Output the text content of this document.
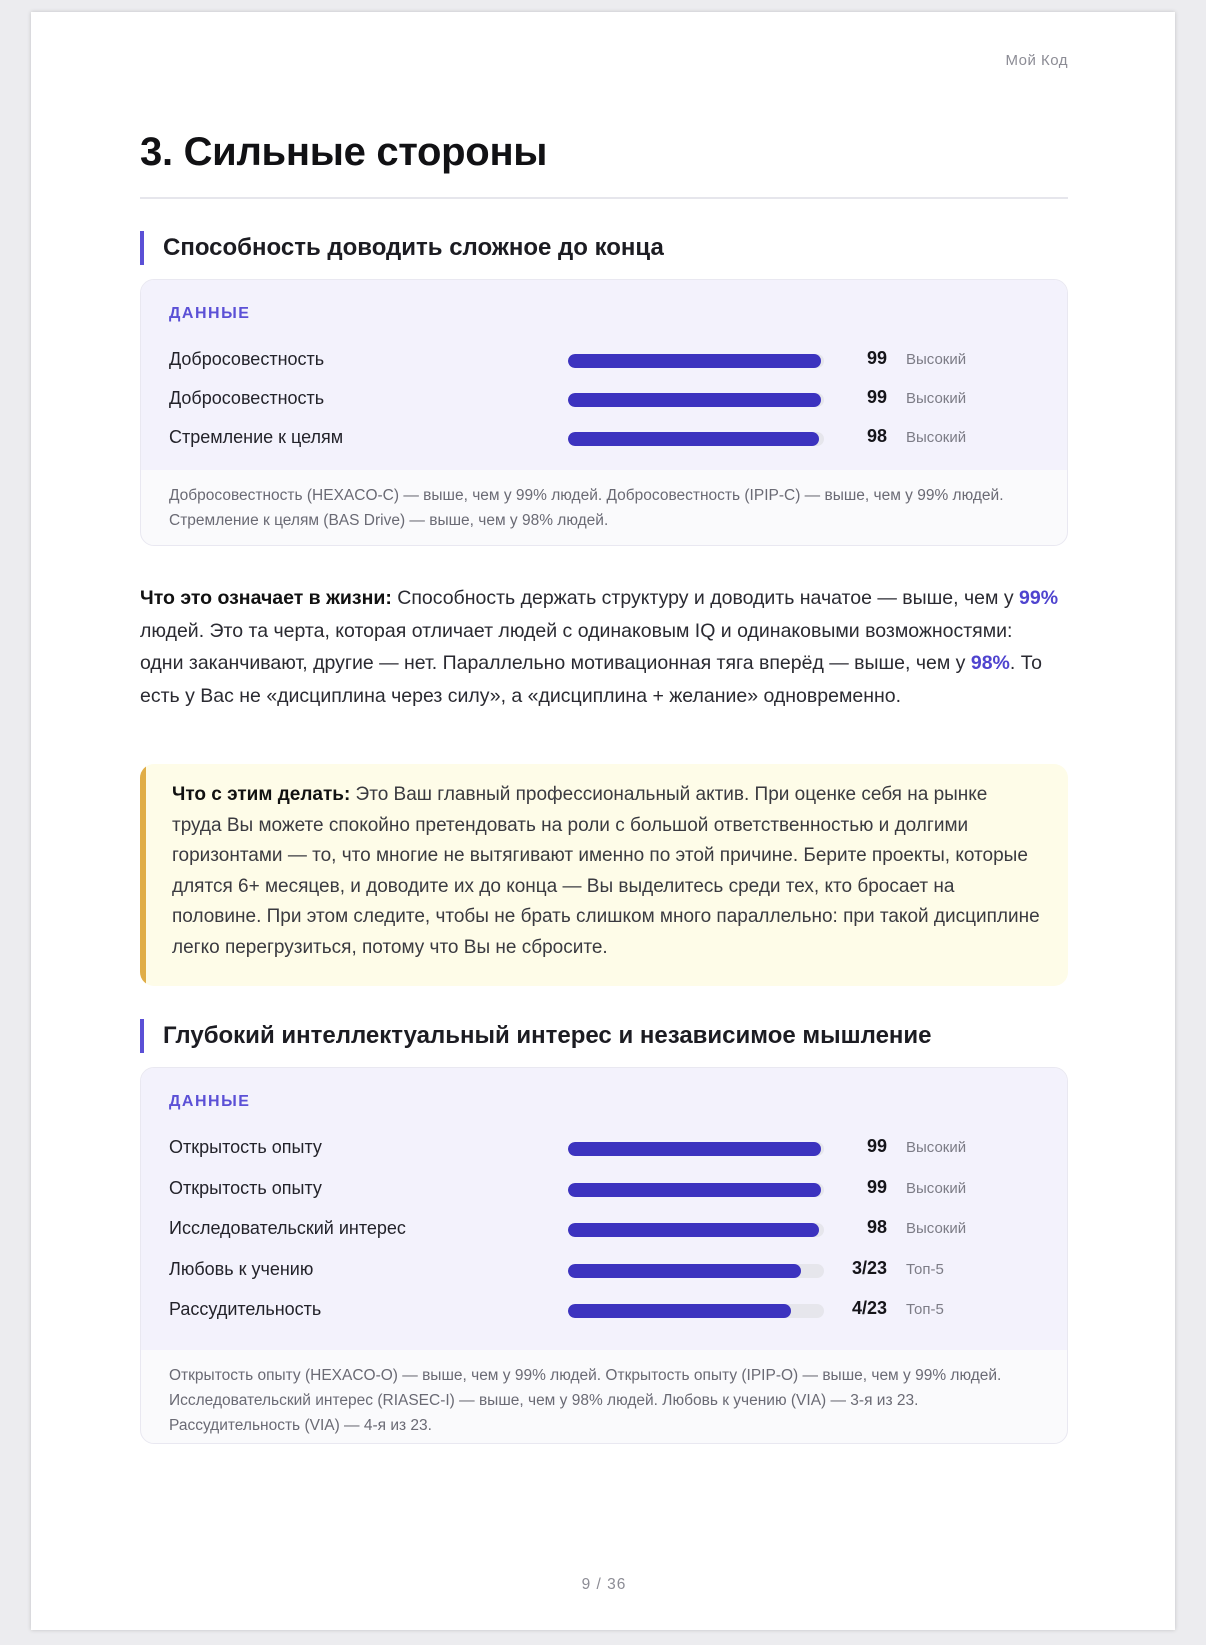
Мой Код
3. Сильные стороны
Способность доводить сложное до конца
ДАННЫЕ
Добросовестность	99 Высокий
Добросовестность	99 Высокий
Стремление к целям	98 Высокий
Добросовестность (HEXACO-C) — выше, чем у 99% людей. Добросовестность (IPIP-C) — выше, чем у 99% людей. Стремление к целям (BAS Drive) — выше, чем у 98% людей.

Что это означает в жизни: Способность держать структуру и доводить начатое — выше, чем у 99% людей. Это та черта, которая отличает людей с одинаковым IQ и одинаковыми возможностями: одни заканчивают, другие — нет. Параллельно мотивационная тяга вперёд — выше, чем у 98%. То есть у Вас не «дисциплина через силу», а «дисциплина + желание» одновременно.

Что с этим делать: Это Ваш главный профессиональный актив. При оценке себя на рынке труда Вы можете спокойно претендовать на роли с большой ответственностью и долгими горизонтами — то, что многие не вытягивают именно по этой причине. Берите проекты, которые длятся 6+ месяцев, и доводите их до конца — Вы выделитесь среди тех, кто бросает на половине. При этом следите, чтобы не брать слишком много параллельно: при такой дисциплине легко перегрузиться, потому что Вы не сбросите.

Глубокий интеллектуальный интерес и независимое мышление
ДАННЫЕ
Открытость опыту	99 Высокий
Открытость опыту	99 Высокий
Исследовательский интерес	98 Высокий
Любовь к учению	3/23 Топ-5
Рассудительность	4/23 Топ-5
Открытость опыту (HEXACO-O) — выше, чем у 99% людей. Открытость опыту (IPIP-O) — выше, чем у 99% людей. Исследовательский интерес (RIASEC-I) — выше, чем у 98% людей. Любовь к учению (VIA) — 3-я из 23. Рассудительность (VIA) — 4-я из 23.
9 / 36
